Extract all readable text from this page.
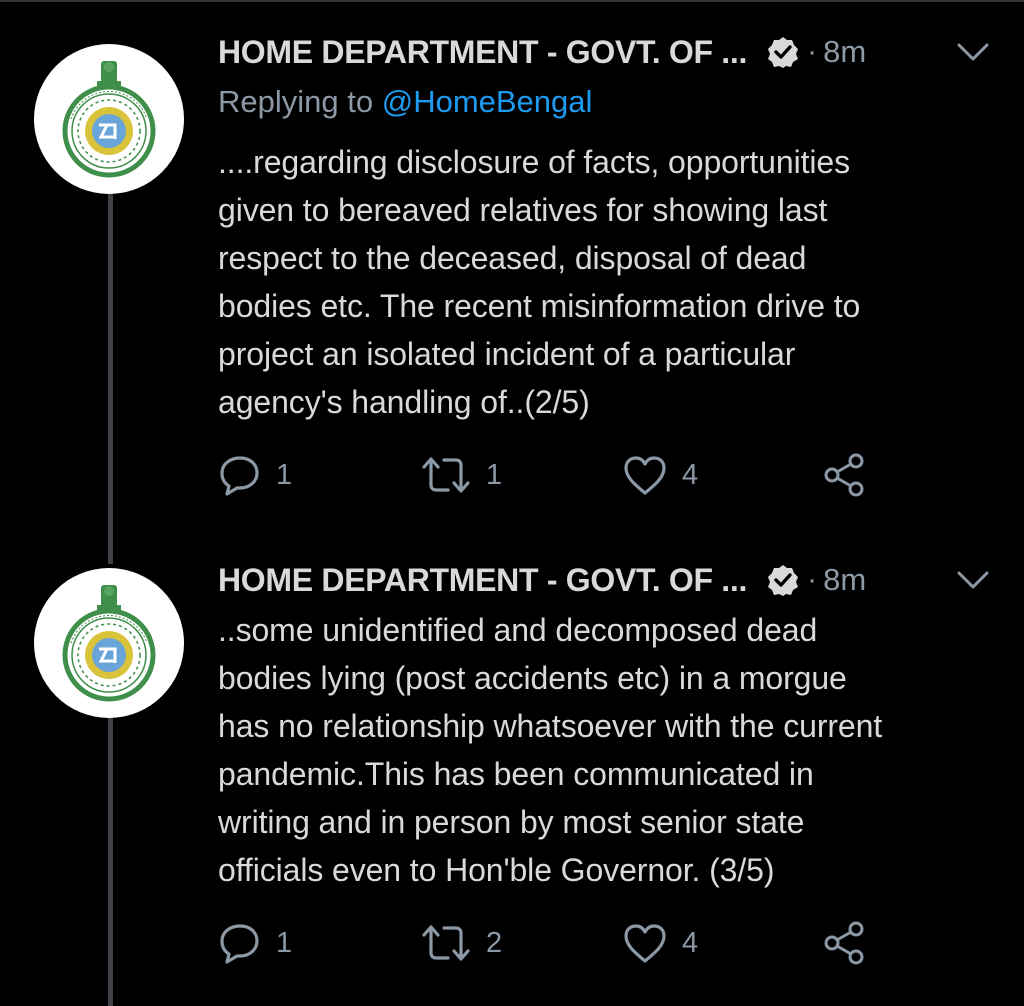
HOME DEPARTMENT - GOVT. OF ... · 8m
Replying to @HomeBengal
....regarding disclosure of facts, opportunities
given to bereaved relatives for showing last
respect to the deceased, disposal of dead
bodies etc. The recent misinformation drive to
project an isolated incident of a particular
agency's handling of..(2/5)
1	1	4
HOME DEPARTMENT - GOVT. OF ... · 8m
..some unidentified and decomposed dead
bodies lying (post accidents etc) in a morgue
has no relationship whatsoever with the current
pandemic.This has been communicated in
writing and in person by most senior state
officials even to Hon'ble Governor. (3/5)
1	2	4
